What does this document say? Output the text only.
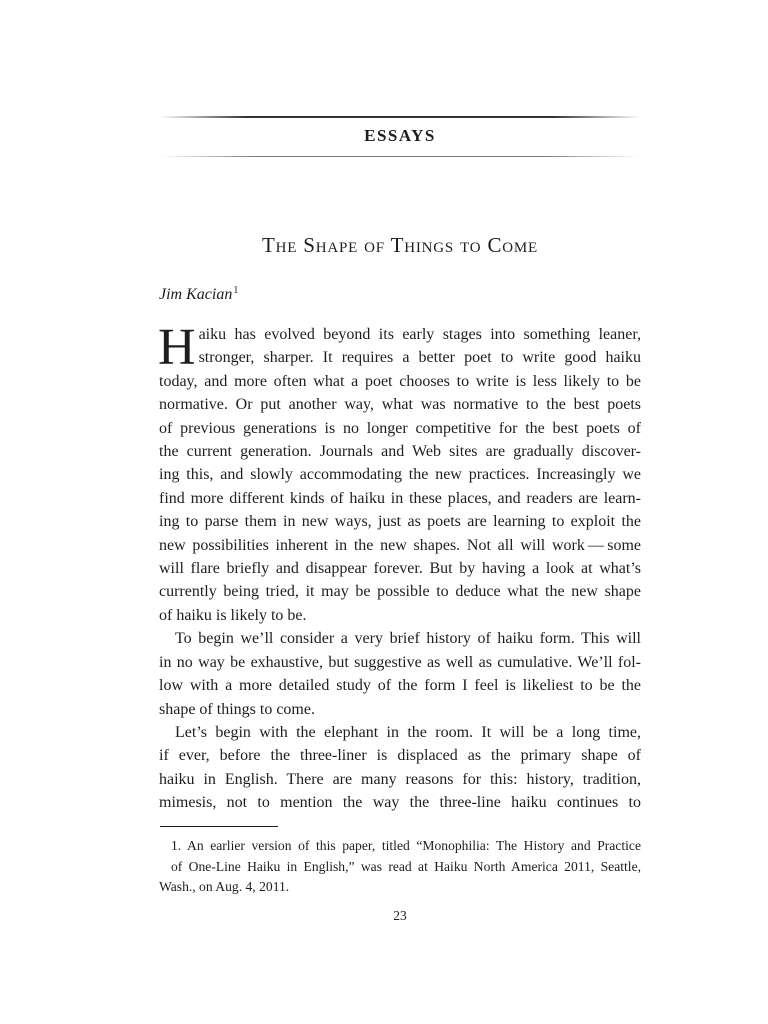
ESSAYS
The Shape of Things to Come
Jim Kacian$^1$

Haiku has evolved beyond its early stages into something leaner,

stronger, sharper. It requires a better poet to write good haiku

today, and more often what a poet chooses to write is less likely to be

normative. Or put another way, what was normative to the best poets

of previous generations is no longer competitive for the best poets of

the current generation. Journals and Web sites are gradually discover-

ing this, and slowly accommodating the new practices. Increasingly we

find more different kinds of haiku in these places, and readers are learn-

ing to parse them in new ways, just as poets are learning to exploit the

new possibilities inherent in the new shapes. Not all will work — some

will flare briefly and disappear forever. But by having a look at what’s

currently being tried, it may be possible to deduce what the new shape

of haiku is likely to be.

To begin we’ll consider a very brief history of haiku form. This will

in no way be exhaustive, but suggestive as well as cumulative. We’ll fol-

low with a more detailed study of the form I feel is likeliest to be the

shape of things to come.

Let’s begin with the elephant in the room. It will be a long time,

if ever, before the three-liner is displaced as the primary shape of

haiku in English. There are many reasons for this: history, tradition,

mimesis, not to mention the way the three-line haiku continues to

1. An earlier version of this paper, titled “Monophilia: The History and Practice

of One-Line Haiku in English,” was read at Haiku North America 2011, Seattle,

Wash., on Aug. 4, 2011.

23
